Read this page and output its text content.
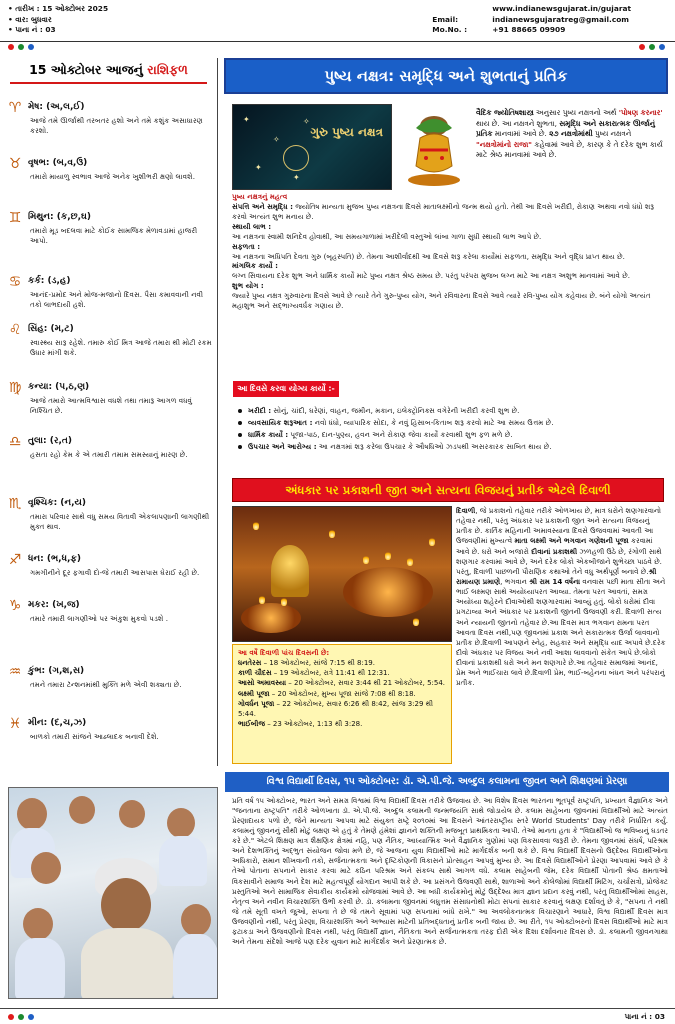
• તારીખ : 15 ઓક્ટોબર 2025
• વાર: બુધવાર
• પાના નં : 03
www.indianewsgujarat.in/gujarat
Email:	indianewsgujaratreg@gmail.com
Mo.No. :	+91 88665 09909
15 ઓક્ટોબર આજનું રાશિફળ
♈ મેષ: (અ,લ,ઈ)
આજે તમે ઊર્જાથી તરબતર હશો અને તમે કશુંક અસાધારણ કરશો.
♉ વૃષભ: (બ,વ,ઉ)
તમારો માયાળુ સ્વભાવ આજે અનેક ખુશીભરી ક્ષણો લાવશે.
♊ મિથુન: (ક,છ,ઘ)
તમારો મૂડ બદલવા માટે કોઈક સામજિક મેળાવડામાં હાજરી આપો.
♋ કર્ક: (ડ,હ)
આનંદ-પ્રમોદ અને મોજ-મજાનો દિવસ. પૈસા કમાવવાની નવી તકો લાભદાયી હશે.
♌ સિંહ: (મ,ટ)
સ્વાસ્થ્ય સારૂ રહેશે. તમારુ કોઈ મિત્ર આજે તમારા થી મોટી રકમ ઉધાર માંગી શકે.
♍ કન્યા: (પ,ઠ,ણ)
આજે તમારો આત્મવિશ્વાસ વધશે તથા તમારૂ આગળ વધવું નિશ્ચિત છે.
♎ તુલા: (ર,ત)
હસતા રહો કેમ કે એ તમારી તમામ સમસ્યાનું મારણ છે.
♏ વૃશ્ચિક: (ન,ય)
તમારા પરિવાર સાથે વધુ સમય વિતાવી એકલાપણાની લાગણીથી મુક્ત થાવ.
♐ ધન: (ભ,ધ,ફ)
ગમગીનીને દૂર ફગાવી દો-જે તમારી આસપાસ ઘેરાઈ રહી છે.
♑ મકર: (ખ,જ)
તમારે તમારી લાગણીઓ પર અંકુશ મુકવો પડશે .
♒ કુંભ: (ગ,શ,સ)
તમને તમારા ટૅન્શનમાંથી મુક્તિ મળે એવી શક્યતા છે.
♓ મીન: (દ,ચ,ઝ)
બાળકો તમારી સાંજને આહ્લાદક બનાવી દેશે.
પુષ્ય નક્ષત્ર: સમૃદ્ધિ અને શુભતાનું પ્રતિક
✦
✧
✦
✧
✦
ગુરુ પુષ્ય નક્ષત્ર
વૈદિક જ્યોતિષશાસ્ત્ર અનુસાર પુષ્ય નક્ષત્રનો અર્થ 'પોષણ કરનાર' થાય છે. આ નક્ષત્રને શુભતા, સમૃદ્ધિ અને સકારાત્મક ઊર્જાનું પ્રતિક માનવામાં આવે છે. ૨૭ નક્ષત્રોમાંથી પુષ્ય નક્ષત્રને "નક્ષત્રોમાંનો રાજા" કહેવામાં આવે છે, કારણ કે તે દરેક શુભ કાર્ય માટે શ્રેષ્ઠ માનવામાં આવે છે.
પુષ્ય નક્ષત્રનું મહત્વ
સંપત્તિ અને સમૃદ્ધિ : જ્યોતિષ માન્યતા મુજબ પુષ્ય નક્ષત્રના દિવસે માતાલક્ષ્મીનો જન્મ થયો હતો. તેથી આ દિવસે ખરીદી, રોકાણ અથવા નવો ધંધો શરૂ કરવો અત્યંત શુભ મનાય છે.
સ્થાયી લાભ :
આ નક્ષત્રના સ્વામી શનિદેવ હોવાથી, આ સમયગાળામાં ખરીદેલી વસ્તુઓ લાંબા ગાળા સુધી સ્થાયી લાભ આપે છે.
સફળતા :
આ નક્ષત્રના અધિપતિ દેવતા ગુરુ (બૃહસ્પતિ) છે. તેમના આશીર્વાદથી આ દિવસે શરૂ કરેલા કાર્યોમાં સફળતા, સમૃદ્ધિ અને વૃદ્ધિ પ્રાપ્ત થાય છે.
માંગલિક કાર્યો :
લગ્ન સિવાયના દરેક શુભ અને ધાર્મિક કાર્યો માટે પુષ્ય નક્ષત્ર શ્રેષ્ઠ સમય છે. પરંતુ પરંપરા મુજબ લગ્ન માટે આ નક્ષત્ર અશુભ માનવામાં આવે છે.
શુભ યોગ :
જ્યારે પુષ્ય નક્ષત્ર ગુરુવારના દિવસે આવે છે ત્યારે તેને ગુરુ-પુષ્ય યોગ, અને રવિવારના દિવસે આવે ત્યારે રવિ-પુષ્ય યોગ કહેવાય છે. બંને યોગો અત્યંત મહાશુભ અને સદ્ભાગ્યવર્ધક ગણાય છે.
આ દિવસે કરવા યોગ્ય કાર્યો :-
ખરીદી : સોનું, ચાંદી, ઘરેણાં, વાહન, જમીન, મકાન, ઇલેક્ટ્રોનિક્સ વગેરેની ખરીદી કરવી શુભ છે.
વ્યવસાયિક શરૂઆત : નવો ધંધો, વ્યાપારિક સોદા, કે નવું હિસાબ-કિતાબ શરૂ કરવો માટે આ સમય ઉત્તમ છે.
ધાર્મિક કાર્યો : પૂજા-પાઠ, દાન-પુણ્ય, હવન અને રોકાણ જેવા કાર્યો કરવાથી શુભ ફળ મળે છે.
ઉપચાર અને આરોગ્ય : આ નક્ષત્રમાં શરૂ કરેલા ઉપચાર કે ઔષધિઓ ઝડપથી અસરકારક સાબિત થાય છે.
અંધકાર પર પ્રકાશની જીત અને સત્યના વિજયનું પ્રતીક એટલે દિવાળી
દિવાળી, જે પ્રકાશનો તહેવાર તરીકે ઓળખાય છે, માત્ર ઘરોને શણગારવાનો તહેવાર નથી, પરંતુ અંધકાર પર પ્રકાશની જીત અને સત્યના વિજયનું પ્રતીક છે. કાર્તિક મહિનાની અમાવસ્યાના દિવસે ઉજવવામાં આવતી આ ઉજવણીમાં મુખ્યત્વે માતા લક્ષ્મી અને ભગવાન ગણેશની પૂજા કરવામાં આવે છે. ઘરો અને બજારો દીવાનાં પ્રકાશથી ઝળહળી ઉઠે છે, રંગોળી સાથે શણગાર કરવામાં આવે છે, અને દરેક લોકો એકબીજાને શુભેચ્છા પાઠવે છે. પરંતુ, દિવાળી પાછળની પૌરાણિક કથાઓ તેને વધુ અર્થપૂર્ણ બનાવે છે.શ્રી રામાયણ પ્રમાણે, ભગવાન શ્રી રામ 14 વર્ષના વનવાસ પછી માતા સીતા અને ભાઈ લક્ષ્મણ સાથે અયોધ્યાપરત આવ્યા. તેમના પરત આવતાં, સમગ્ર અયોધ્યા શહેરને દીવાઓથી શણગારવામાં આવ્યું હતું. લોકો ઘરોમાં દીવા પ્રગટાવ્યા અને અંધકાર પર પ્રકાશની જીતની ઉજવણી કરી. દિવાળી સત્ય અને ન્યાયની જીતનો તહેવાર છે.આ દિવસ માત્ર ભગવાન રામના પરત આવતા દિવસ નથી,પણ જીવનમાં પ્રકાશ અને સકારાત્મક ઉર્જા લાવવાનો પ્રતીક છે.દિવાળી આપણને સ્નેહ, સહકાર અને સમૃદ્ધિ યાદ અપાવે છે.દરેક દીવો અંધકાર પર વિજય અને નવી આશા લાવવાનો સંકેત આપે છે.લોકો દીવાનાં પ્રકાશથી ઘરો અને મન શણગારે છે.આ તહેવાર સમાજમાં આનંદ, પ્રેમ અને ભાઈચારા લાવે છે.દિવાળી પ્રેમ, ભાઈ-બહેનના બંધન અને પરંપરાનું પ્રતીક.
આ વર્ષે દિવાળી પાંચ દિવસની છે:
ધનતેરસ – 18 ઓક્ટોબર, સાંજે 7:15 થી 8:19.
કાળી ચૌદસ – 19 ઓક્ટોબર, રાત્રે 11:41 થી 12:31.
આસો અમાવસ્યા – 20 ઓક્ટોબર, સવાર 3:44 થી 21 ઓક્ટોબર, 5:54.
લક્ષ્મી પૂજા – 20 ઓક્ટોબર, મુખ્ય પૂજા સાંજે 7:08 થી 8:18.
ગોવર્ધન પૂજા – 22 ઓક્ટોબર, સવાર 6:26 થી 8:42, સાંજ 3:29 થી 5:44.
ભાઈબીજ – 23 ઓક્ટોબર, 1:13 થી 3:28.
વિશ્વ વિદ્યાર્થી દિવસ, ૧૫ ઓક્ટોબર: ડૉ. એ.પી.જે. અબ્દુલ કલામના જીવન અને શિક્ષણમાં પ્રેરણા
પ્રતિ વર્ષ ૧૫ ઓક્ટોબર, ભારત અને સમગ્ર વિશ્વમાં વિશ્વ વિદ્યાર્થી દિવસ તરીકે ઉજવાય છે. આ વિશેષ દિવસ ભારતના ભૂતપૂર્વ રાષ્ટ્રપતિ, પ્રખ્યાત વૈજ્ઞાનિક અને "જનતાના રાષ્ટ્રપતિ" તરીકે ઓળખાતા ડૉ. એ.પી.જે. અબ્દુલ કલામની જન્મજયંતિ સાથે જોડાયેલ છે. કલામ સાહેબના જીવનમાં વિદ્યાર્થીઓ માટે અત્યંત પ્રેરણાદાયક પળો છે, જેને માન્યતા આપવા માટે સંયુક્ત રાષ્ટ્રે ૨૦૧૦માં આ દિવસને આંતરરાષ્ટ્રીય સ્તરે World Students' Day તરીકે નિર્ધારિત કર્યું. કલામનું જીવનનું સૌથી મોટું લક્ષણ એ હતું કે તેમણે હંમેશાં જ્ઞાનને શક્તિની મજબૂત પ્રાથમિકતા આપી. તેઓ માનતા હતા કે "વિદ્યાર્થીઓ જ ભવિષ્યનું ઘડતર કરે છે." એટલે શિક્ષણ માત્ર શૈક્ષણિક ક્ષેત્રમાં નહિ, પણ નૈતિક, આધ્યાત્મિક અને વૈજ્ઞાનિક ગુણોમાં પણ વિકસાવવા જરૂરી છે. તેમના જીવનમાં સંઘર્ષ, પરિશ્રમ અને દેશભક્તિનું અદ્ભુત સંયોજન જોવા મળે છે, જે આજના યુવા વિદ્યાર્થીઓ માટે માર્ગદર્શક બની શકે છે. વિશ્વ વિદ્યાર્થી દિવસનો ઉદ્દેશ્ય વિદ્યાર્થીઓના અધિકારો, સમાન શીખવાની તકો, સર્જનાત્મકતા અને દૃષ્ટિકોણની વિકાસને પ્રોત્સાહન આપવું મુખ્ય છે. આ દિવસે વિદ્યાર્થીઓને પ્રેરણા આપવામાં આવે છે કે તેઓ પોતાના સપનાને સાકાર કરવા માટે કઠિન પરિશ્રમ અને સંકલ્પ સાથે આગળ વધે. કલામ સાહેબની જેમ, દરેક વિદ્યાર્થી પોતાની શ્રેષ્ઠ ક્ષમતાઓ વિકસાવીને સમાજ અને દેશ માટે મહત્વપૂર્ણ યોગદાન આપી શકે છે. આ પ્રસંગને ઉજવણી સાથે, શાળાઓ અને કોલેજોમાં વિદ્યાર્થી મિટિંગ, ચર્ચાસત્રો, પ્રોજેક્ટ પ્રસ્તુતિઓ અને સામાજિક સેવાકીય કાર્યક્રમો યોજવામાં આવે છે. આ બધી કાર્યક્રમોનું મોટું ઉદ્દેશ્ય માત્ર જ્ઞાન પ્રદાન કરવું નથી, પરંતુ વિદ્યાર્થીઓમાં સાહસ, નેતૃત્વ અને નવીન વિચારશક્તિ ઉભી કરવી છે. ડૉ. કલામના જીવનમાં લઘુત્તમ સંસાધનોથી મોટા સપનાં સાકાર કરવાનું લક્ષણ દર્શાવતું છે કે, "સપના તે નથી જે તમે સૂતી વખતે જુઓ, સપના તે છે જે તમને સૂવામાં પણ સપનામાં બાંધે રાખે." આ અવલોકનાત્મક વિચારણાને આધારે, વિશ્વ વિદ્યાર્થી દિવસ માત્ર ઉજવણીનો નથી, પરંતુ પ્રેરણા, વિચારશક્તિ અને અભ્યાસ માટેની પ્રતિબદ્ધતાનું પ્રતીક બની જાય છે. આ રીતે, ૧૫ ઓક્ટોબરનો દિવસ વિદ્યાર્થીઓ માટે માત્ર ફટાકડા અને ઉજવણીનો દિવસ નથી, પરંતુ વિદ્યાર્થી જ્ઞાન, નૈતિકતા અને સર્જનાત્મકતા તરફ દોરી એક દિશા દર્શાવનાર દિવસ છે. ડૉ. કલામની જીવનગાથા અને તેમના સંદેશો આજે પણ દરેક યુવાન માટે માર્ગદર્શક અને પ્રેરણાત્મક છે.
પાના નં : 03
